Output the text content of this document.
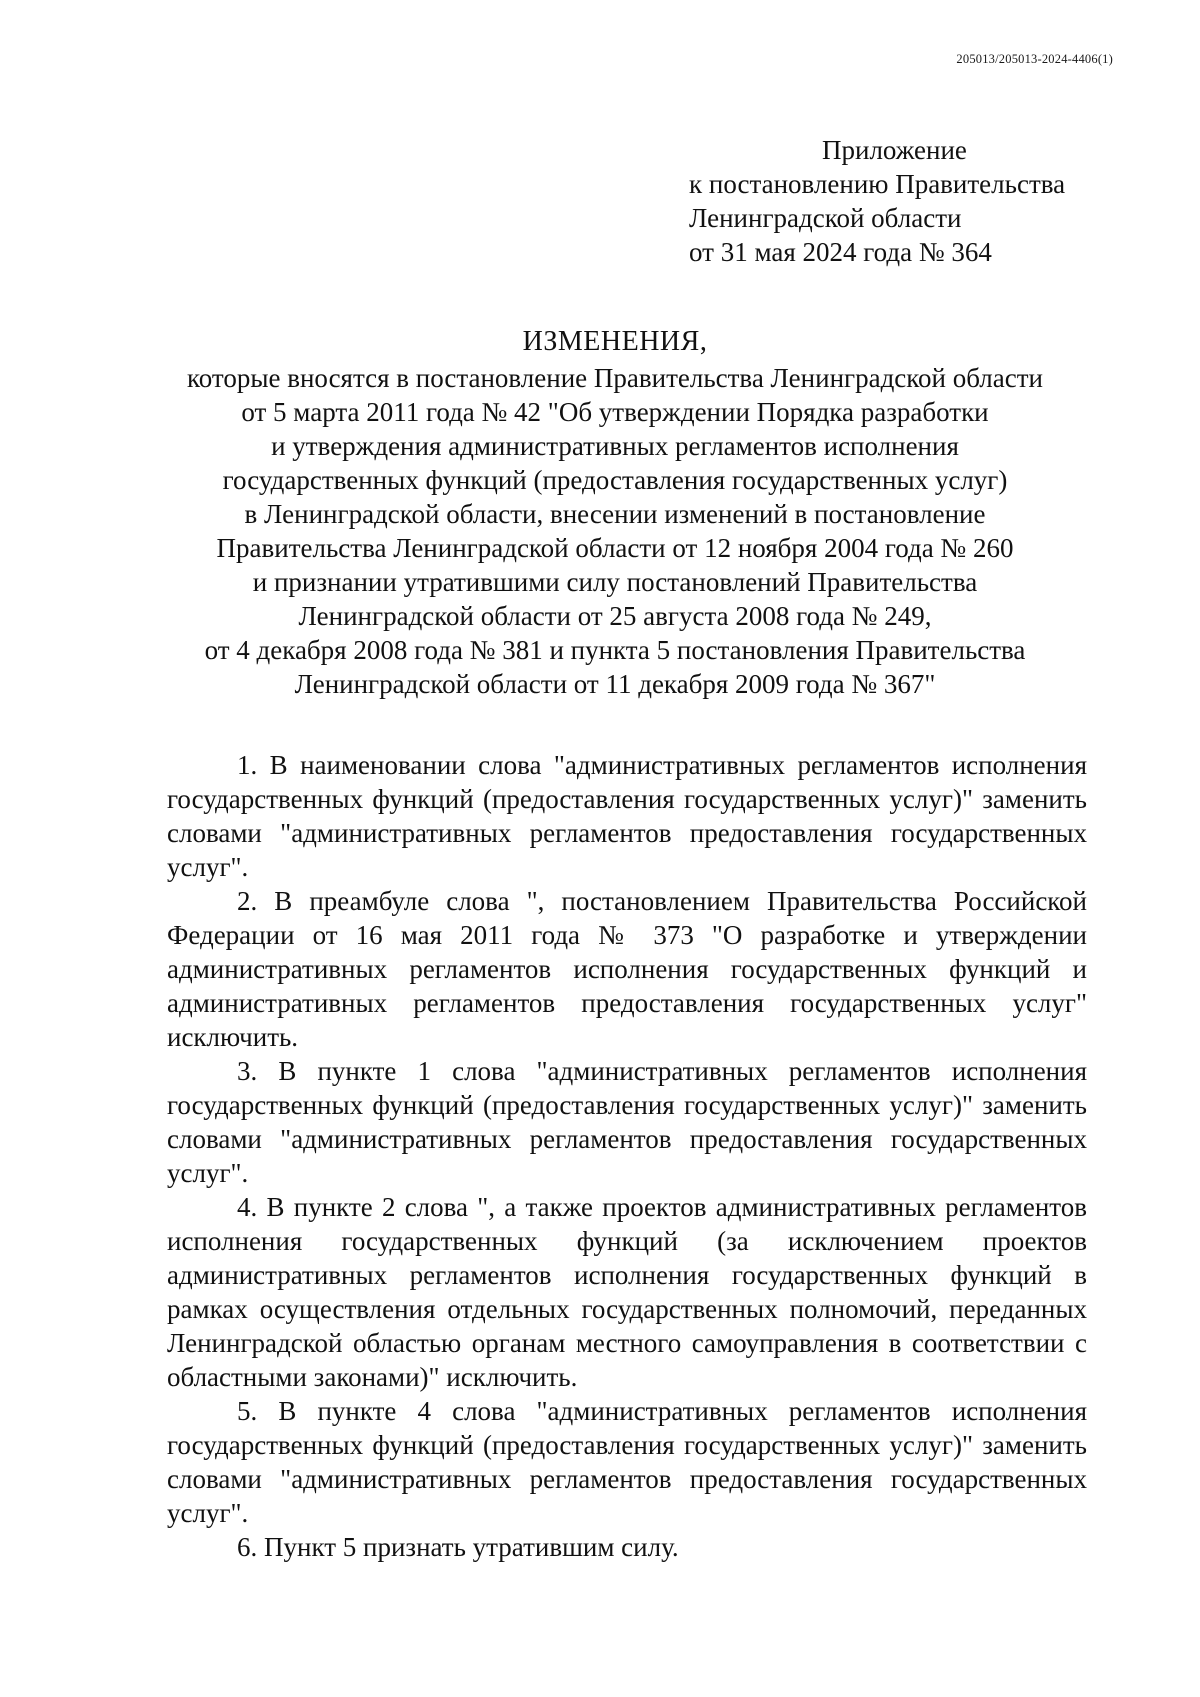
205013/205013-2024-4406(1)
Приложение
к постановлению Правительства
Ленинградской области
от 31 мая 2024 года № 364
ИЗМЕНЕНИЯ,
которые вносятся в постановление Правительства Ленинградской области
от 5 марта 2011 года № 42 "Об утверждении Порядка разработки
и утверждения административных регламентов исполнения
государственных функций (предоставления государственных услуг)
в Ленинградской области, внесении изменений в постановление
Правительства Ленинградской области от 12 ноября 2004 года № 260
и признании утратившими силу постановлений Правительства
Ленинградской области от 25 августа 2008 года № 249,
от 4 декабря 2008 года № 381 и пункта 5 постановления Правительства
Ленинградской области от 11 декабря 2009 года № 367"

1. В наименовании слова "административных регламентов исполнения государственных функций (предоставления государственных услуг)" заменить словами "административных регламентов предоставления государственных услуг".

2. В преамбуле слова ", постановлением Правительства Российской Федерации от 16 мая 2011 года № 373 "О разработке и утверждении административных регламентов исполнения государственных функций и административных регламентов предоставления государственных услуг" исключить.

3. В пункте 1 слова "административных регламентов исполнения государственных функций (предоставления государственных услуг)" заменить словами "административных регламентов предоставления государственных услуг".

4. В пункте 2 слова ", а также проектов административных регламентов исполнения государственных функций (за исключением проектов административных регламентов исполнения государственных функций в рамках осуществления отдельных государственных полномочий, переданных Ленинградской областью органам местного самоуправления в соответствии с областными законами)" исключить.

5. В пункте 4 слова "административных регламентов исполнения государственных функций (предоставления государственных услуг)" заменить словами "административных регламентов предоставления государственных услуг".

6. Пункт 5 признать утратившим силу.
